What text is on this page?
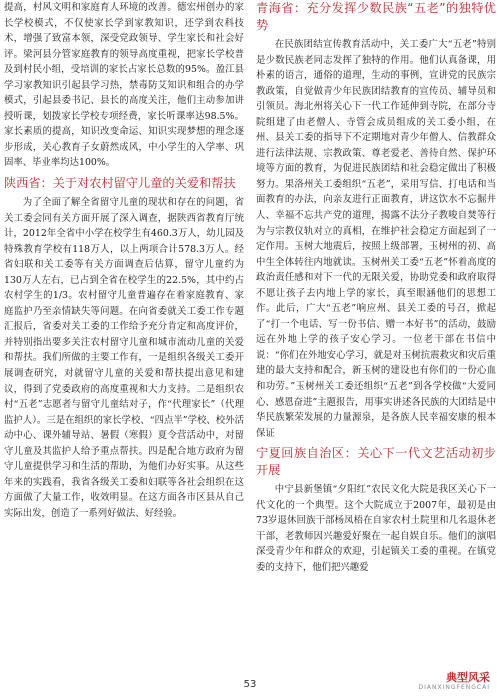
提高，村风文明和家庭育人环境的改善。德宏州创办的家长学校模式，不仅使家长学到家教知识，还学到农科技术，增强了致富本领，深受党政领导、学生家长和社会好评。梁河县分管家庭教育的领导高度重视，把家长学校普及到村民小组，受培训的家长占家长总数的95%。盈江县学习家教知识引起县学习热，禁毒防艾知识和组合的办学模式，引起县委书记、县长的高度关注，他们主动参加讲授听课，划拨家长学校专项经费，家长听课率达98.5%。家长素质的提高，知识改变命运、知识实现梦想的理念逐步形成，关心教育子女蔚然成风，中小学生的入学率、巩固率、毕业率均达100%。

陕西省：关于对农村留守儿童的关爱和帮扶

为了全面了解全省留守儿童的现状和存在的问题，省关工委会同有关方面开展了深入调查，据陕西省教育厅统计，2012年全省中小学在校学生有460.3万人，幼儿园及特殊教育学校有118万人，以上两项合计578.3万人。经省妇联和关工委等有关方面调查后估算，留守儿童约为130万人左右，已占到全省在校学生的22.5%，其中约占农村学生的1/3。农村留守儿童普遍存在着家庭教育、家庭监护乃至亲情缺失等问题。在向省委就关工委工作专题汇报后，省委对关工委的工作给予充分肯定和高度评价，并特别指出要多关注农村留守儿童和城市流动儿童的关爱和帮扶。我们所做的主要工作有，一是组织各级关工委开展调查研究，对就留守儿童的关爱和帮扶提出意见和建议，得到了党委政府的高度重视和大力支持。二是组织农村“五老”志愿者与留守儿童结对子，作“代理家长”（代理监护人）。三是在组织的家长学校、“四点半”学校、校外活动中心、课外辅导站、暑假（寒假）夏令营活动中，对留守儿童及其监护人给予重点帮扶。四是配合地方政府为留守儿童提供学习和生活的帮助，为他们办好实事。从这些年来的实践看，我省各级关工委和妇联等各社会组织在这方面做了大量工作，收效明显。在这方面各市区县从自己实际出发，创造了一系列好做法、好经验。

青海省：充分发挥少数民族“五老”的独特优势

在民族团结宣传教育活动中，关工委广大“五老”特别是少数民族老同志发挥了独特的作用。他们认真备课，用朴素的语言，通俗的道理，生动的事例，宣讲党的民族宗教政策，自觉做青少年民族团结教育的宣传员、辅导员和引领员。海北州将关心下一代工作延伸到寺院，在部分寺院组建了由老僧人、寺管会成员组成的关工委小组，在州、县关工委的指导下不定期地对青少年僧人、信教群众进行法律法规、宗教政策、尊老爱老、善待自然、保护环境等方面的教育，为促进民族团结和社会稳定做出了积极努力。果洛州关工委组织“五老”，采用写信、打电话和当面教育的办法，向亲友进行正面教育，讲这饮水不忘掘井人、幸福不忘共产党的道理，揭露不法分子教唆自焚等行为与宗教仪轨对立的真相，在维护社会稳定方面起到了一定作用。玉树大地震后，按照上级部署，玉树州的初、高中生全体转往内地就读。玉树州关工委“五老”怀着高度的政治责任感和对下一代的无限关爱，协助党委和政府取得不愿让孩子去内地上学的家长，真至眼涵他们的思想工作。此后，广大“五老”响应州、县关工委的号召，掀起了“打一个电话、写一份书信、赠一本好书”的活动，鼓励远在外地上学的孩子安心学习。一位老干部在书信中说：“你们在外地安心学习，就是对玉树抗震救灾和灾后重建的最大支持和配合，新玉树的建设也有你们的一份心血和功劳。”玉树州关工委还组织“五老”到各学校做“大爱同心、感恩奋进”主题报告，用事实讲述各民族的大团结是中华民族繁荣发展的力量源泉，是各族人民幸福安康的根本保证

宁夏回族自治区：关心下一代文艺活动初步开展

中宁县新堡镇“夕阳红”农民文化大院是我区关心下一代文化的一个典型。这个大院成立于2007年，最初是由73岁退休回族干部杨凤梧在自家农村土院里和几名退休老干部，老教师因兴趣爱好聚在一起自娱自乐。他们的演唱深受青少年和群众的欢迎，引起镇关工委的重视。在镇党委的支持下，他们把兴趣爱

53
典型风采
DIANXINGFENGCAI
